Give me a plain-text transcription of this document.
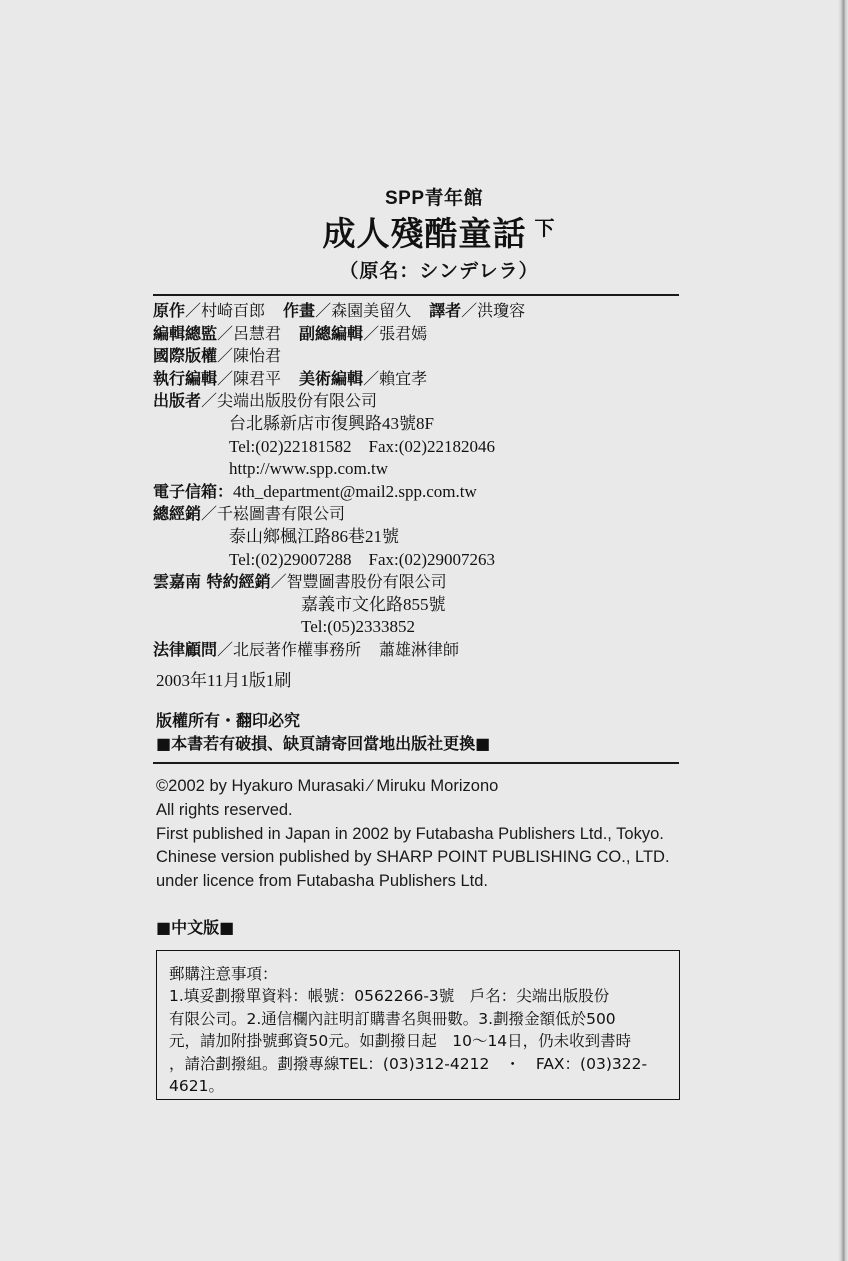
SPP青年館
成人殘酷童話 $^下$
（原名：シンデレラ）
原作／村崎百郎 作畫／森園美留久 譯者／洪瓊容
編輯總監／呂慧君 副總編輯／張君嫣
國際版權／陳怡君
執行編輯／陳君平 美術編輯／賴宜孝
出版者／尖端出版股份有限公司
台北縣新店市復興路43號8F
Tel:(02)22181582　Fax:(02)22182046
http://www.spp.com.tw
電子信箱：4th_department@mail2.spp.com.tw
總經銷／千崧圖書有限公司
泰山鄉楓江路86巷21號
Tel:(02)29007288　Fax:(02)29007263
雲嘉南 特約經銷／智豐圖書股份有限公司
嘉義市文化路855號
Tel:(05)2333852
法律顧問／北辰著作權事務所 蕭雄淋律師
2003年11月1版1刷
版權所有・翻印必究
■本書若有破損、缺頁請寄回當地出版社更換■
©2002 by Hyakuro Murasaki ∕ Miruku Morizono
All rights reserved.
First published in Japan in 2002 by Futabasha Publishers Ltd., Tokyo.
Chinese version published by SHARP POINT PUBLISHING CO., LTD.
under licence from Futabasha Publishers Ltd.
■中文版■
郵購注意事項：
1.填妥劃撥單資料：帳號：0562266-3號　戶名：尖端出版股份
有限公司。2.通信欄內註明訂購書名與冊數。3.劃撥金額低於500
元，請加附掛號郵資50元。如劃撥日起　10～14日，仍未收到書時
，請洽劃撥組。劃撥專線TEL：(03)312-4212　・　FAX：(03)322-
4621。
